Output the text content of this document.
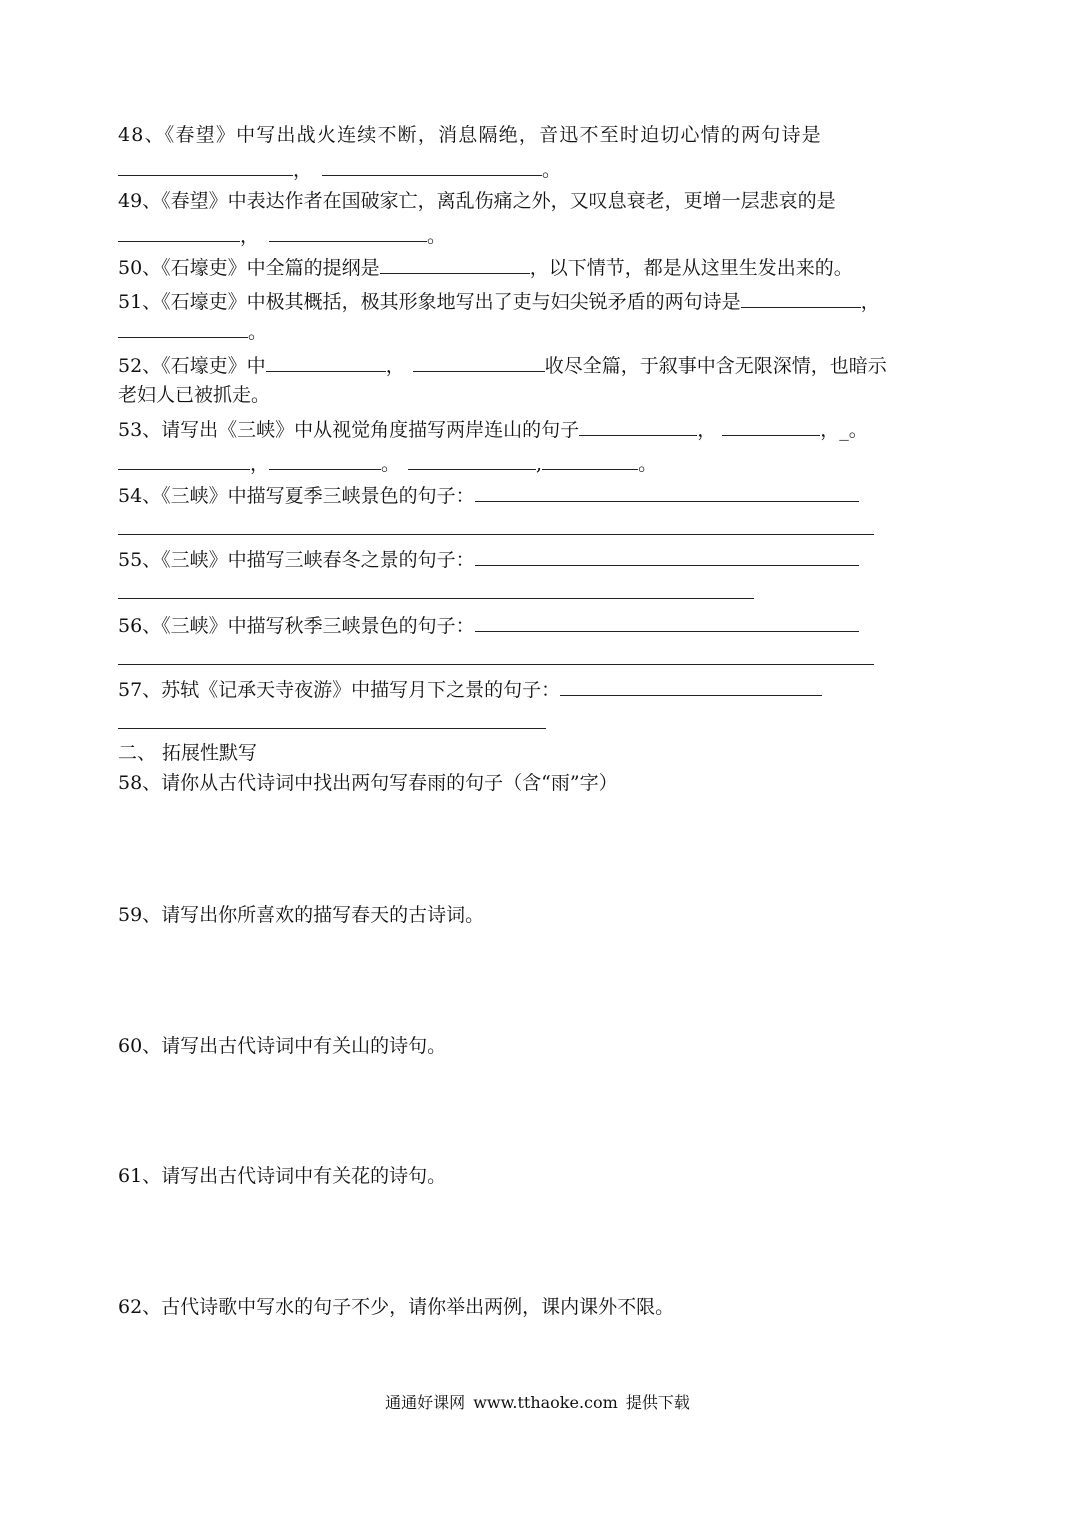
48、《春望》中写出战火连续不断，消息隔绝，音迅不至时迫切心情的两句诗是
，	。
49、《春望》中表达作者在国破家亡，离乱伤痛之外，又叹息衰老，更增一层悲哀的是
，	。
50、《石壕吏》中全篇的提纲是	，以下情节，都是从这里生发出来的。
51、《石壕吏》中极其概括，极其形象地写出了吏与妇尖锐矛盾的两句诗是	，
。
52、《石壕吏》中	，	收尽全篇，于叙事中含无限深情，也暗示
老妇人已被抓走。
53、请写出《三峡》中从视觉角度描写两岸连山的句子	，	，_。
，	。	,	。
54、《三峡》中描写夏季三峡景色的句子：
55、《三峡》中描写三峡春冬之景的句子：
56、《三峡》中描写秋季三峡景色的句子：
57、苏轼《记承天寺夜游》中描写月下之景的句子：
二、 拓展性默写
58、请你从古代诗词中找出两句写春雨的句子（含“雨”字）
59、请写出你所喜欢的描写春天的古诗词。
60、请写出古代诗词中有关山的诗句。
61、请写出古代诗词中有关花的诗句。
62、古代诗歌中写水的句子不少，请你举出两例，课内课外不限。
通通好课网 www.tthaoke.com 提供下载
